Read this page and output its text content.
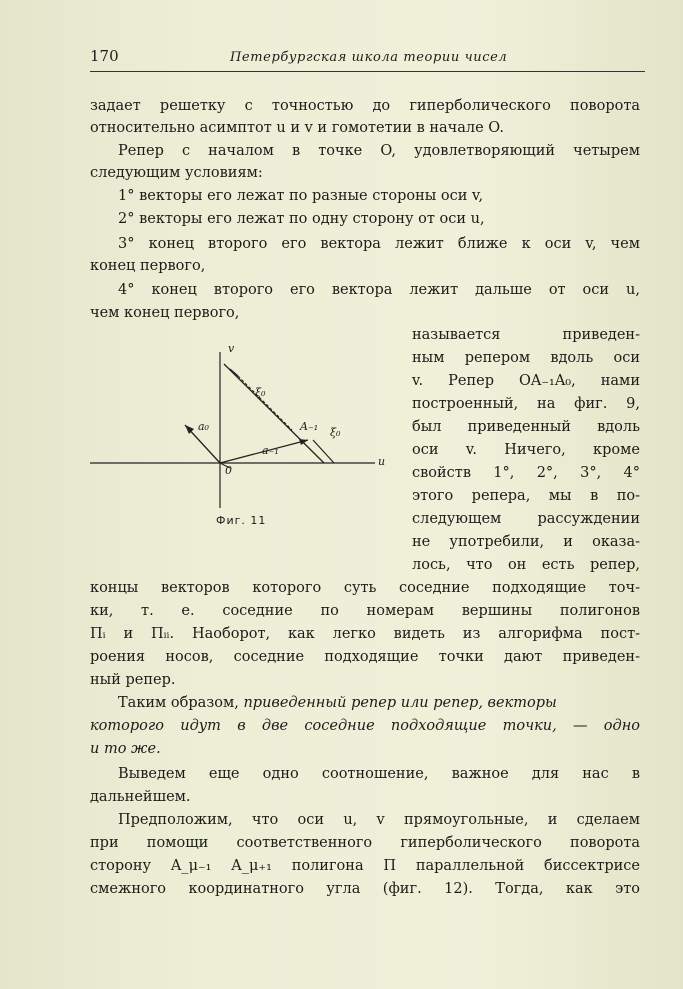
170	Петербургская школа теории чисел
задает решетку с точностью до гиперболического поворота
относительно асимптот u и v и гомотетии в начале O.
Репер с началом в точке O, удовлетворяющий четырем
следующим условиям:
1° векторы его лежат по разные стороны оси v,
2° векторы его лежат по одну сторону от оси u,
3° конец второго его вектора лежит ближе к оси v, чем
конец первого,
4° конец второго его вектора лежит дальше от оси u,
чем конец первого,
v
u
0
a₀
a₋₁
A₋₁
ξ₀
ξ₀
Фиг. 11
называется приведен-
ным репером вдоль оси
v. Репер OA₋₁A₀, нами
построенный, на фиг. 9,
был приведенный вдоль
оси v. Ничего, кроме
свойств 1°, 2°, 3°, 4°
этого репера, мы в по-
следующем рассуждении
не употребили, и оказа-
лось, что он есть репер,
концы векторов которого суть соседние подходящие точ-
ки, т. е. соседние по номерам вершины полигонов
Пᵢ и Пᵢᵢ. Наоборот, как легко видеть из алгорифма пост-
роения носов, соседние подходящие точки дают приведен-
ный репер.
Таким образом, приведенный репер или репер, векторы
которого идут в две соседние подходящие точки, — одно
и то же.
Выведем еще одно соотношение, важное для нас в
дальнейшем.
Предположим, что оси u, v прямоугольные, и сделаем
при помощи соответственного гиперболического поворота
сторону A_μ₋₁ A_μ₊₁ полигона П параллельной биссектрисе
смежного координатного угла (фиг. 12). Тогда, как это
